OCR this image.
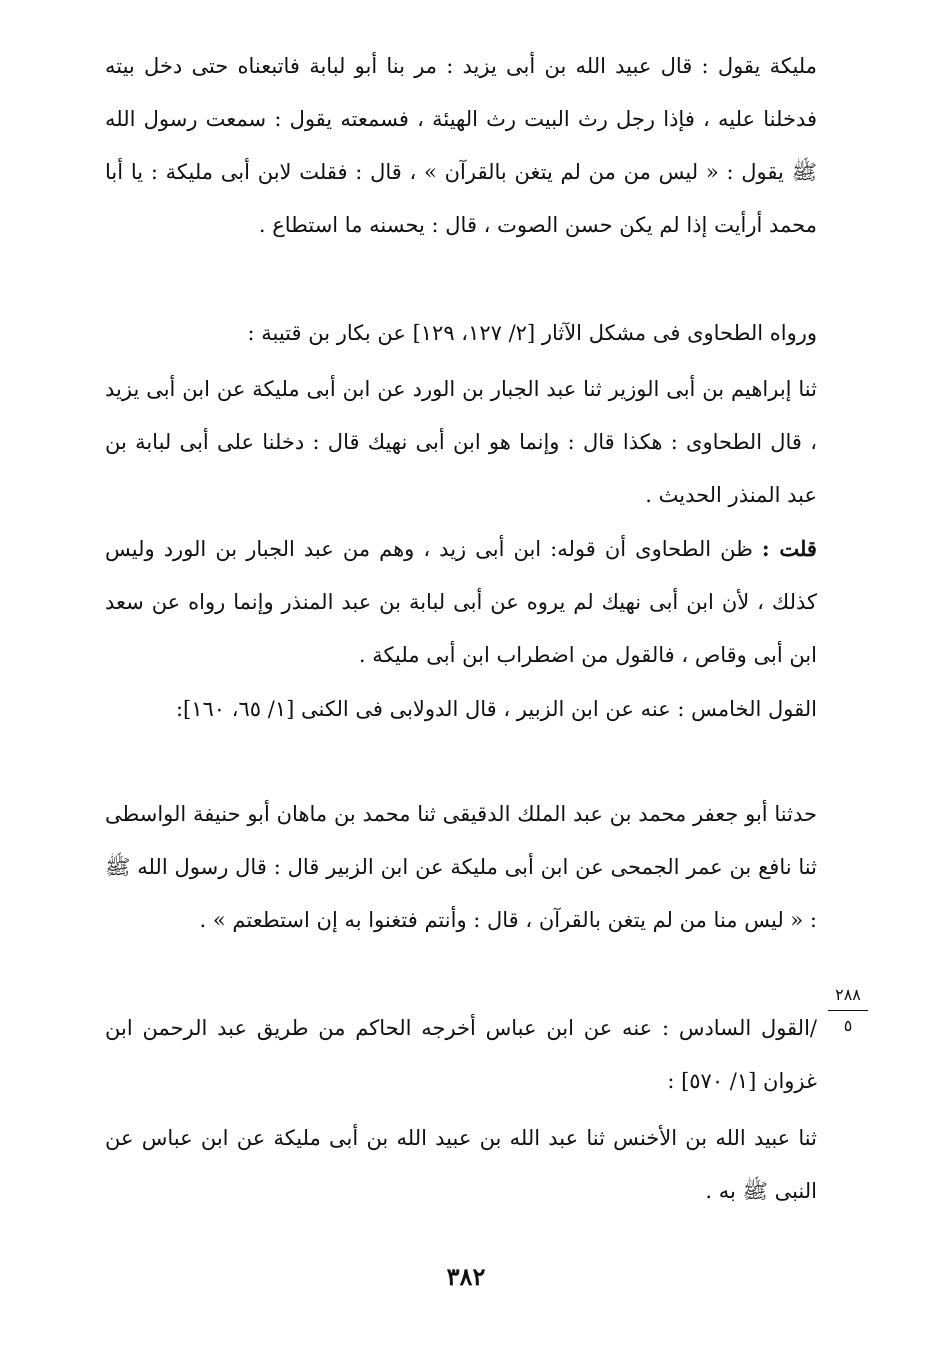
مليكة يقول : قال عبيد الله بن أبى يزيد : مر بنا أبو لبابة فاتبعناه حتى دخل بيته فدخلنا عليه ، فإذا رجل رث البيت رث الهيئة ، فسمعته يقول : سمعت رسول الله ﷺ يقول : « ليس من من لم يتغن بالقرآن » ، قال : فقلت لابن أبى مليكة : يا أبا محمد أرأيت إذا لم يكن حسن الصوت ، قال : يحسنه ما استطاع .
ورواه الطحاوى فى مشكل الآثار [٢/ ١٢٧، ١٢٩] عن بكار بن قتيبة :
ثنا إبراهيم بن أبى الوزير ثنا عبد الجبار بن الورد عن ابن أبى مليكة عن ابن أبى يزيد ، قال الطحاوى : هكذا قال : وإنما هو ابن أبى نهيك قال : دخلنا على أبى لبابة بن عبد المنذر الحديث .
قلت : ظن الطحاوى أن قوله: ابن أبى زيد ، وهم من عبد الجبار بن الورد وليس كذلك ، لأن ابن أبى نهيك لم يروه عن أبى لبابة بن عبد المنذر وإنما رواه عن سعد ابن أبى وقاص ، فالقول من اضطراب ابن أبى مليكة .
القول الخامس : عنه عن ابن الزبير ، قال الدولابى فى الكنى [١/ ٦٥، ١٦٠]:
حدثنا أبو جعفر محمد بن عبد الملك الدقيقى ثنا محمد بن ماهان أبو حنيفة الواسطى ثنا نافع بن عمر الجمحى عن ابن أبى مليكة عن ابن الزبير قال : قال رسول الله ﷺ : « ليس منا من لم يتغن بالقرآن ، قال : وأنتم فتغنوا به إن استطعتم » .
/القول السادس : عنه عن ابن عباس أخرجه الحاكم من طريق عبد الرحمن ابن غزوان [١/ ٥٧٠] :
ثنا عبيد الله بن الأخنس ثنا عبد الله بن عبيد الله بن أبى مليكة عن ابن عباس عن النبى ﷺ به .
٢٨٨
٥
٣٨٢
